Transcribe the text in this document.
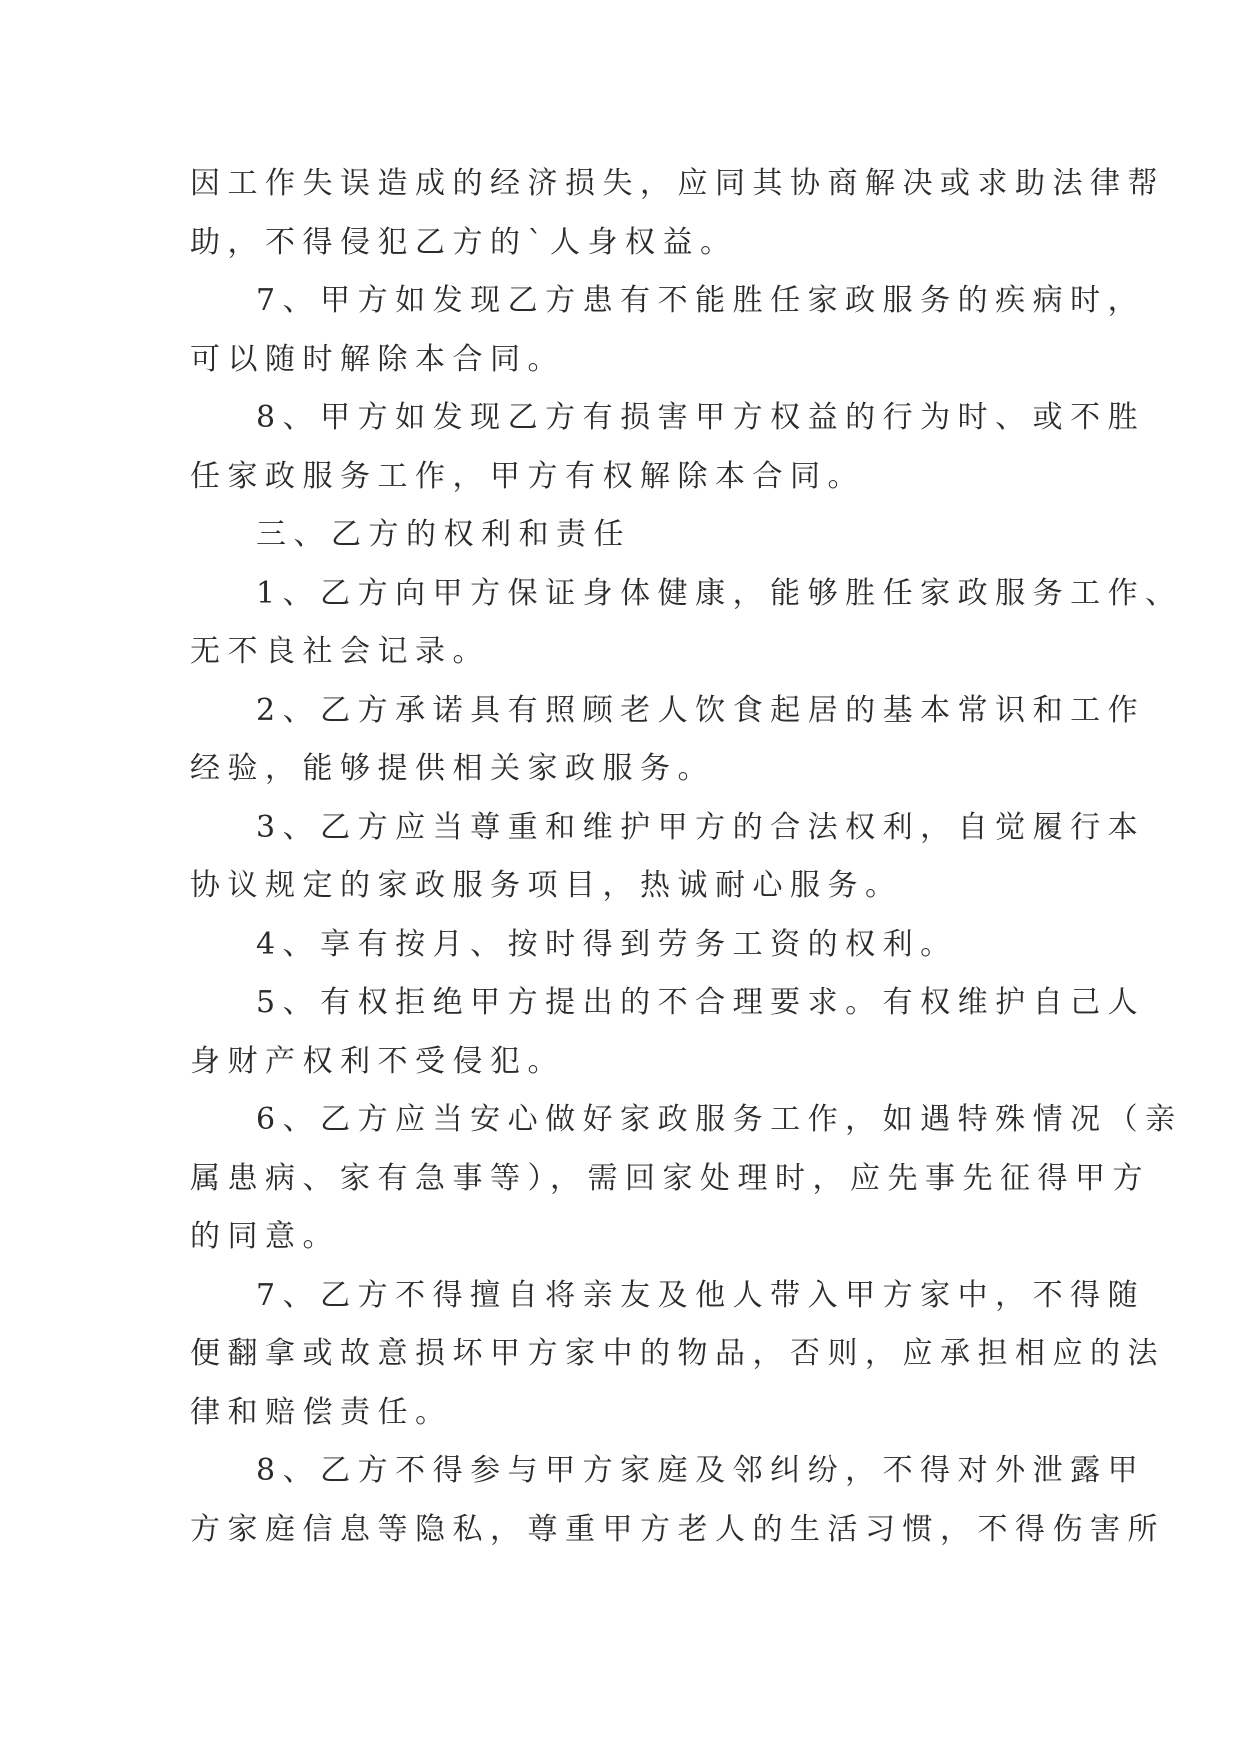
因工作失误造成的经济损失，应同其协商解决或求助法律帮
助，不得侵犯乙方的`人身权益。
7、甲方如发现乙方患有不能胜任家政服务的疾病时，
可以随时解除本合同。
8、甲方如发现乙方有损害甲方权益的行为时、或不胜
任家政服务工作，甲方有权解除本合同。
三、乙方的权利和责任
1、乙方向甲方保证身体健康，能够胜任家政服务工作、
无不良社会记录。
2、乙方承诺具有照顾老人饮食起居的基本常识和工作
经验，能够提供相关家政服务。
3、乙方应当尊重和维护甲方的合法权利，自觉履行本
协议规定的家政服务项目，热诚耐心服务。
4、享有按月、按时得到劳务工资的权利。
5、有权拒绝甲方提出的不合理要求。有权维护自己人
身财产权利不受侵犯。
6、乙方应当安心做好家政服务工作，如遇特殊情况（亲
属患病、家有急事等），需回家处理时，应先事先征得甲方
的同意。
7、乙方不得擅自将亲友及他人带入甲方家中，不得随
便翻拿或故意损坏甲方家中的物品，否则，应承担相应的法
律和赔偿责任。
8、乙方不得参与甲方家庭及邻纠纷，不得对外泄露甲
方家庭信息等隐私，尊重甲方老人的生活习惯，不得伤害所
